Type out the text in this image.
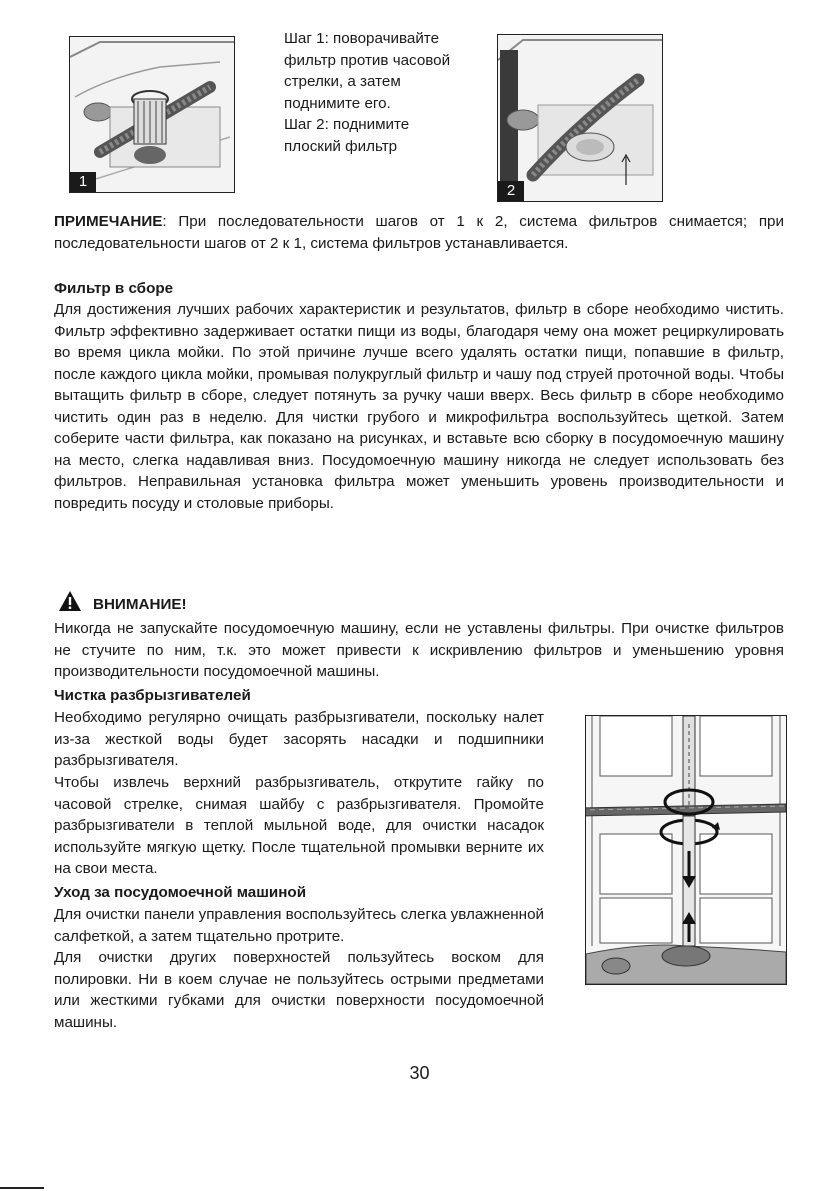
1
2
Шаг 1: поворачивайте
фильтр против часовой
стрелки, а затем
поднимите его.
Шаг 2: поднимите
плоский фильтр
ПРИМЕЧАНИЕ: При последовательности шагов от 1 к 2, система фильтров снимается; при последовательности шагов от 2 к 1, система фильтров устанавливается.
Фильтр в сборе
Для достижения лучших рабочих характеристик и результатов, фильтр в сборе необходимо чистить. Фильтр эффективно задерживает остатки пищи из воды, благодаря чему она может рециркулировать во время цикла мойки. По этой причине лучше всего удалять остатки пищи, попавшие в фильтр, после каждого цикла мойки, промывая полукруглый фильтр и чашу под струей проточной воды. Чтобы вытащить фильтр в сборе, следует потянуть за ручку чаши вверх. Весь фильтр в сборе необходимо чистить один раз в неделю. Для чистки грубого и микрофильтра воспользуйтесь щеткой. Затем соберите части фильтра, как показано на рисунках, и вставьте всю сборку в посудомоечную машину на место, слегка надавливая вниз. Посудомоечную машину никогда не следует использовать без фильтров. Неправильная установка фильтра может уменьшить уровень производительности и повредить посуду и столовые приборы.
ВНИМАНИЕ!
Никогда не запускайте посудомоечную машину, если не уставлены фильтры. При очистке фильтров не стучите по ним, т.к. это может привести к искривлению фильтров и уменьшению уровня производительности посудомоечной машины.
Чистка разбрызгивателей
Необходимо регулярно очищать разбрызгиватели, поскольку налет из-за жесткой воды будет засорять насадки и подшипники разбрызгивателя.
Чтобы извлечь верхний разбрызгиватель, открутите гайку по часовой стрелке, снимая шайбу с разбрызгивателя. Промойте разбрызгиватели в теплой мыльной воде, для очистки насадок используйте мягкую щетку. После тщательной промывки верните их на свои места.
Уход за посудомоечной машиной
Для очистки панели управления воспользуйтесь слегка увлажненной салфеткой, а затем тщательно протрите.
Для очистки других поверхностей пользуйтесь воском для полировки. Ни в коем случае не пользуйтесь острыми предметами или жесткими губками для очистки поверхности посудомоечной машины.
30
